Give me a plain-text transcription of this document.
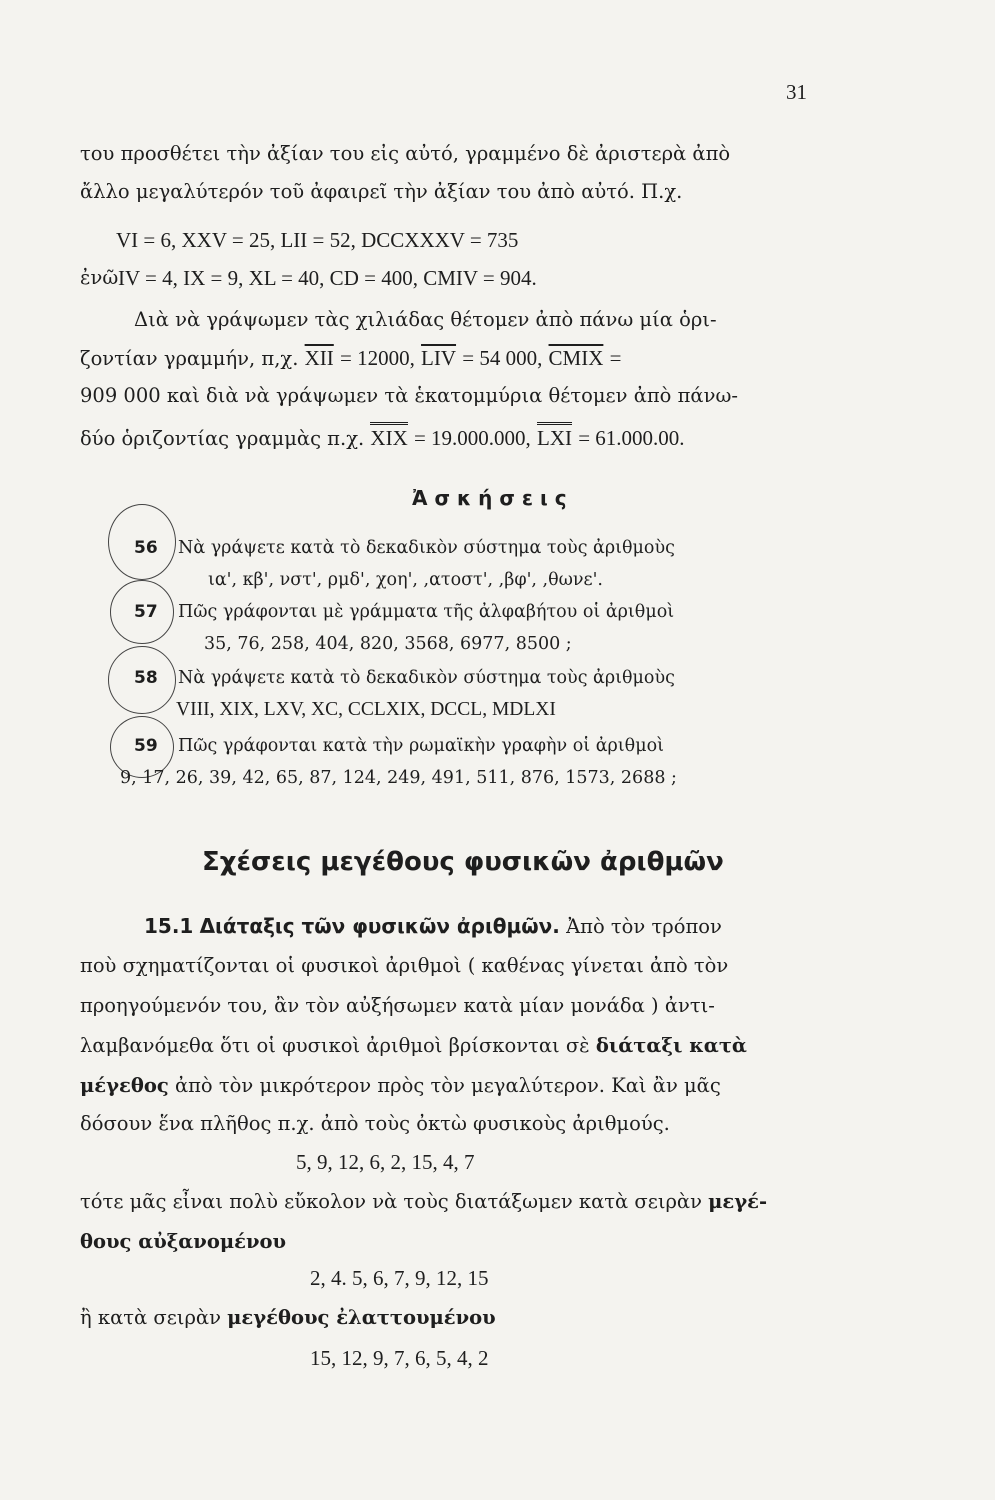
31
του προσθέτει τὴν ἀξίαν του εἰς αὐτό, γραμμένο δὲ ἀριστερὰ ἀπὸ
ἄλλο μεγαλύτερόν τοῦ ἀφαιρεῖ τὴν ἀξίαν του ἀπὸ αὐτό. Π.χ.
VI = 6, XXV = 25, LII = 52, DCCXXXV = 735
ἐνῶ IV = 4, IX = 9, XL = 40, CD = 400, CMIV = 904.
Διὰ νὰ γράψωμεν τὰς χιλιάδας θέτομεν ἀπὸ πάνω μία ὁρι-
ζοντίαν γραμμήν, π,χ. $\overline{XII} = 12000$, $\overline{LIV} = 54$ 000, CMIX =
909 000 καὶ διὰ νὰ γράψωμεν τὰ ἑκατομμύρια θέτομεν ἀπὸ πάνω-
δύο ὁριζοντίας γραμμὰς π.χ. XIX = 19.000.000, LXI = 61.000.00.
Ἀ σ κ ή σ ε ι ς
56 Νὰ γράψετε κατὰ τὸ δεκαδικὸν σύστημα τοὺς ἀριθμοὺς
ια', κβ', νστ', ρμδ', χοη', ,ατοστ', ,βφ', ,θωνε'.
57 Πῶς γράφονται μὲ γράμματα τῆς ἀλφαβήτου οἱ ἀριθμοὶ
35, 76, 258, 404, 820, 3568, 6977, 8500 ;
58 Νὰ γράψετε κατὰ τὸ δεκαδικὸν σύστημα τοὺς ἀριθμοὺς
VIII, XIX, LXV, XC, CCLXIX, DCCL, MDLXI
59 Πῶς γράφονται κατὰ τὴν ρωμαϊκὴν γραφὴν οἱ ἀριθμοὶ
9, 17, 26, 39, 42, 65, 87, 124, 249, 491, 511, 876, 1573, 2688 ;
Σχέσεις μεγέθους φυσικῶν ἀριθμῶν
15.1 Διάταξις τῶν φυσικῶν ἀριθμῶν. Ἀπὸ τὸν τρόπον
ποὺ σχηματίζονται οἱ φυσικοὶ ἀριθμοὶ ( καθένας γίνεται ἀπὸ τὸν
προηγούμενόν του, ἂν τὸν αὐξήσωμεν κατὰ μίαν μονάδα ) ἀντι-
λαμβανόμεθα ὅτι οἱ φυσικοὶ ἀριθμοὶ βρίσκονται σὲ διάταξι κατὰ
μέγεθος ἀπὸ τὸν μικρότερον πρὸς τὸν μεγαλύτερον. Καὶ ἂν μᾶς
δόσουν ἕνα πλῆθος π.χ. ἀπὸ τοὺς ὀκτὼ φυσικοὺς ἀριθμούς.
5, 9, 12, 6, 2, 15, 4, 7
τότε μᾶς εἶναι πολὺ εὔκολον νὰ τοὺς διατάξωμεν κατὰ σειρὰν μεγέ-
θους αὐξανομένου
2, 4. 5, 6, 7, 9, 12, 15
ἢ κατὰ σειρὰν μεγέθους ἐλαττουμένου
15, 12, 9, 7, 6, 5, 4, 2
